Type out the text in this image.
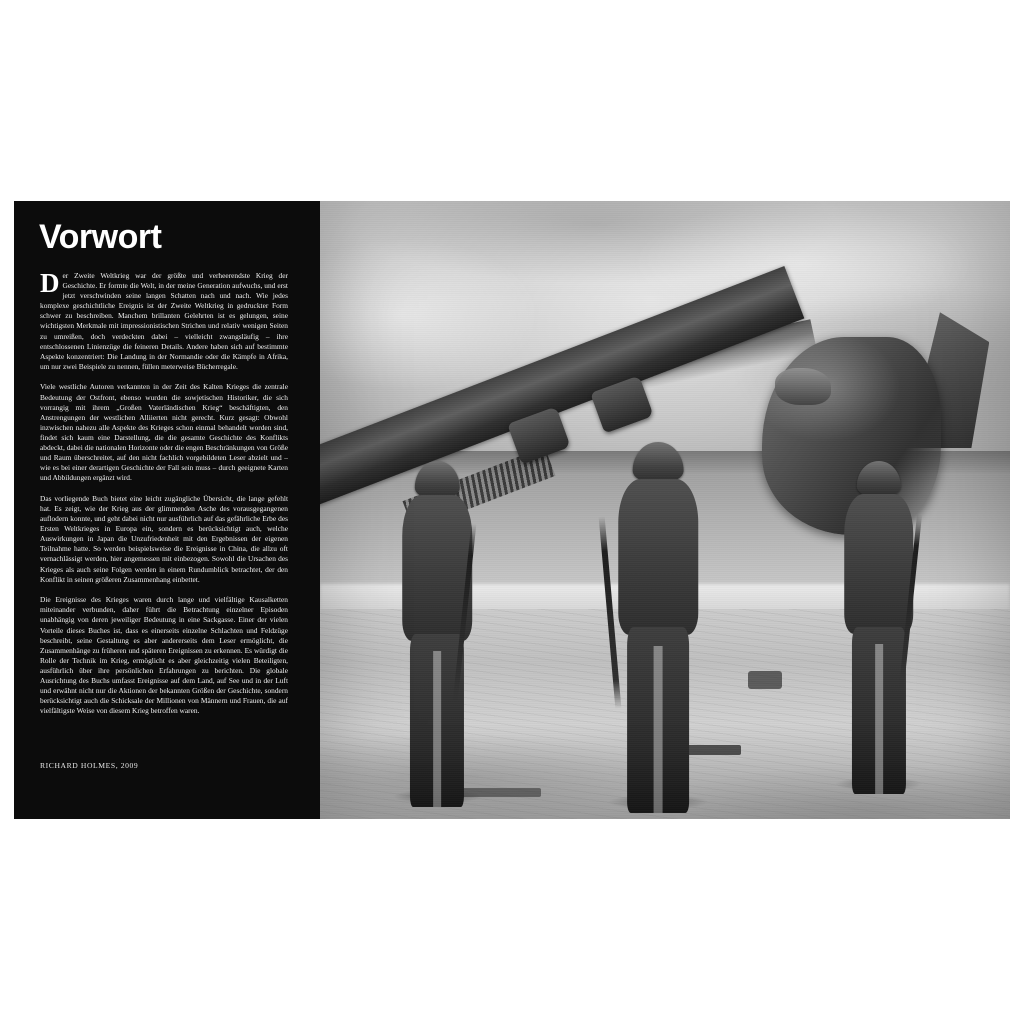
Vorwort

Der Zweite Weltkrieg war der größte und verheerendste Krieg der Geschichte. Er formte die Welt, in der meine Generation aufwuchs, und erst jetzt verschwinden seine langen Schatten nach und nach. Wie jedes komplexe geschichtliche Ereignis ist der Zweite Weltkrieg in gedruckter Form schwer zu beschreiben. Manchem brillanten Gelehrten ist es gelungen, seine wichtigsten Merkmale mit impressionistischen Strichen und relativ wenigen Seiten zu umreißen, doch verdeckten dabei – vielleicht zwangsläufig – ihre entschlossenen Linienzüge die feineren Details. Andere haben sich auf bestimmte Aspekte konzentriert: Die Landung in der Normandie oder die Kämpfe in Afrika, um nur zwei Beispiele zu nennen, füllen meterweise Bücherregale.

Viele westliche Autoren verkannten in der Zeit des Kalten Krieges die zentrale Bedeutung der Ostfront, ebenso wurden die sowjetischen Historiker, die sich vorrangig mit ihrem „Großen Vaterländischen Krieg“ beschäftigten, den Anstrengungen der westlichen Alliierten nicht gerecht. Kurz gesagt: Obwohl inzwischen nahezu alle Aspekte des Krieges schon einmal behandelt worden sind, findet sich kaum eine Darstellung, die die gesamte Geschichte des Konflikts abdeckt, dabei die nationalen Horizonte oder die engen Beschränkungen von Größe und Raum überschreitet, auf den nicht fachlich vorgebildeten Leser abzielt und – wie es bei einer derartigen Geschichte der Fall sein muss – durch geeignete Karten und Abbildungen ergänzt wird.

Das vorliegende Buch bietet eine leicht zugängliche Übersicht, die lange gefehlt hat. Es zeigt, wie der Krieg aus der glimmenden Asche des vorausgegangenen auflodern konnte, und geht dabei nicht nur ausführlich auf das gefährliche Erbe des Ersten Weltkrieges in Europa ein, sondern es berücksichtigt auch, welche Auswirkungen in Japan die Unzufriedenheit mit den Ergebnissen der eigenen Teilnahme hatte. So werden beispielsweise die Ereignisse in China, die allzu oft vernachlässigt werden, hier angemessen mit einbezogen. Sowohl die Ursachen des Krieges als auch seine Folgen werden in einem Rundumblick betrachtet, der den Konflikt in seinen größeren Zusammenhang einbettet.

Die Ereignisse des Krieges waren durch lange und vielfältige Kausalketten miteinander verbunden, daher führt die Betrachtung einzelner Episoden unabhängig von deren jeweiliger Bedeutung in eine Sackgasse. Einer der vielen Vorteile dieses Buches ist, dass es einerseits einzelne Schlachten und Feldzüge beschreibt, seine Gestaltung es aber andererseits dem Leser ermöglicht, die Zusammenhänge zu früheren und späteren Ereignissen zu erkennen. Es würdigt die Rolle der Technik im Krieg, ermöglicht es aber gleichzeitig vielen Beteiligten, ausführlich über ihre persönlichen Erfahrungen zu berichten. Die globale Ausrichtung des Buchs umfasst Ereignisse auf dem Land, auf See und in der Luft und erwähnt nicht nur die Aktionen der bekannten Größen der Geschichte, sondern berücksichtigt auch die Schicksale der Millionen von Männern und Frauen, die auf vielfältigste Weise von diesem Krieg betroffen waren.

RICHARD HOLMES, 2009
